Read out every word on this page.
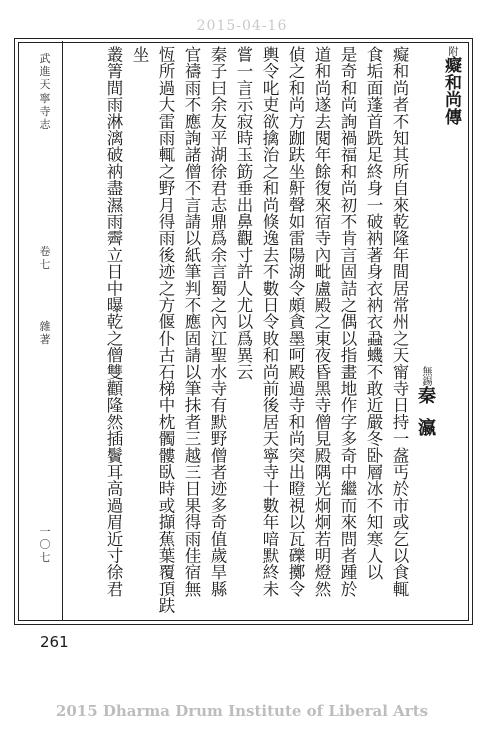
2015-04-16
武
進
天
寧
寺
志
卷
七
雜
著
一
〇
七
附癡和尚傳
無錫秦瀛
癡和尚者不知其所自來乾隆年間居常州之天甯寺日持一盋丐於市或乞以食輒
食垢面蓬首跣足終身一破衲著身衣衲衣蝨蟣不敢近嚴冬卧層冰不知寒人以
是奇和尚詢禍福和尚初不肯言固詰之偶以指畫地作字多奇中繼而來問者踵於
道和尚遂去閱年餘復來宿寺內毗盧殿之東夜昏黑寺僧見殿隅光炯炯若明燈然
偵之和尚方跏趺坐鼾聲如雷陽湖令頗貪墨呵殿過寺和尚突出瞪視以瓦礫擲令
輿令叱吏欲擒治之和尚倏逸去不數日令敗和尚前後居天寧寺十數年喑默終未
嘗一言示寂時玉筯垂出鼻觀寸許人尤以爲異云
秦子曰余友平湖徐君志鼎爲余言蜀之內江聖水寺有默野僧者迹多奇值歲旱縣
官禱雨不應詢諸僧不言請以紙筆判不應固請以筆抹者三越三日果得雨佳宿無
恆所過大雷雨輒之野月得雨後迹之方偃仆古石梯中枕髑髏臥時或擷蕉葉覆頂趺坐
叢箐間雨淋漓破衲盡濕雨霽立日中曝乾之僧雙顴隆然插鬢耳高過眉近寸徐君
261
2015 Dharma Drum Institute of Liberal Arts
